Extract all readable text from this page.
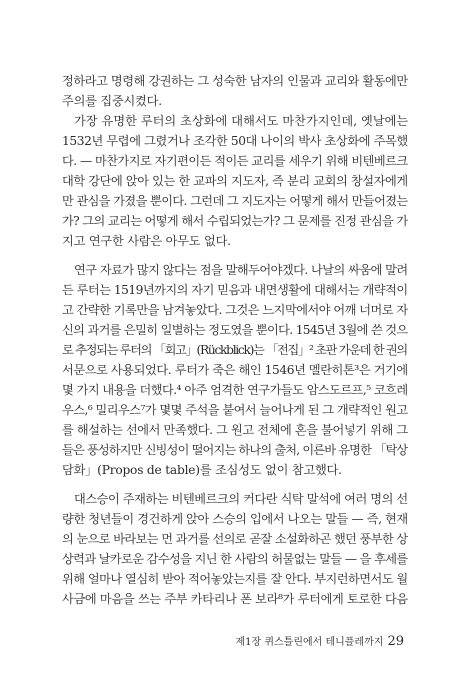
정하라고 명령해 강권하는 그 성숙한 남자의 인물과 교리와 활동에만
주의를 집중시켰다.
가장 유명한 루터의 초상화에 대해서도 마찬가지인데, 옛날에는
1532년 무렵에 그렸거나 조각한 50대 나이의 박사 초상화에 주목했
다. — 마찬가지로 자기편이든 적이든 교리를 세우기 위해 비텐베르크
대학 강단에 앉아 있는 한 교파의 지도자, 즉 분리 교회의 창설자에게
만 관심을 가졌을 뿐이다. 그런데 그 지도자는 어떻게 해서 만들어졌는
가? 그의 교리는 어떻게 해서 수립되었는가? 그 문제를 진정 관심을 가
지고 연구한 사람은 아무도 없다.
연구 자료가 많지 않다는 점을 말해두어야겠다. 나날의 싸움에 말려
든 루터는 1519년까지의 자기 믿음과 내면생활에 대해서는 개략적이
고 간략한 기록만을 남겨놓았다. 그것은 느지막에서야 어깨 너머로 자
신의 과거를 은밀히 일별하는 정도였을 뿐이다. 1545년 3월에 쓴 것으
로 추정되는 루터의 「회고」(Rückblick)는 「전집」² 초판 가운데 한 권의
서문으로 사용되었다. 루터가 죽은 해인 1546년 멜란히톤³은 거기에
몇 가지 내용을 더했다.⁴ 아주 엄격한 연구가들도 암스도르프,⁵ 코흐레
우스,⁶ 밀리우스⁷가 몇몇 주석을 붙여서 늘어나게 된 그 개략적인 원고
를 해설하는 선에서 만족했다. 그 원고 전체에 혼을 불어넣기 위해 그
들은 풍성하지만 신빙성이 떨어지는 하나의 출처, 이른바 유명한 「탁상
담화」(Propos de table)를 조심성도 없이 참고했다.
대스승이 주재하는 비텐베르크의 커다란 식탁 말석에 여러 명의 선
량한 청년들이 경건하게 앉아 스승의 입에서 나오는 말들 — 즉, 현재
의 눈으로 바라보는 먼 과거를 선의로 곧잘 소설화하곤 했던 풍부한 상
상력과 날카로운 감수성을 지닌 한 사람의 허물없는 말들 — 을 후세를
위해 얼마나 열심히 받아 적어놓았는지를 잘 안다. 부지런하면서도 월
사금에 마음을 쓰는 주부 카타리나 폰 보라⁸가 루터에게 토로한 다음
제1장 퀴스틀린에서 테니플레까지 29
